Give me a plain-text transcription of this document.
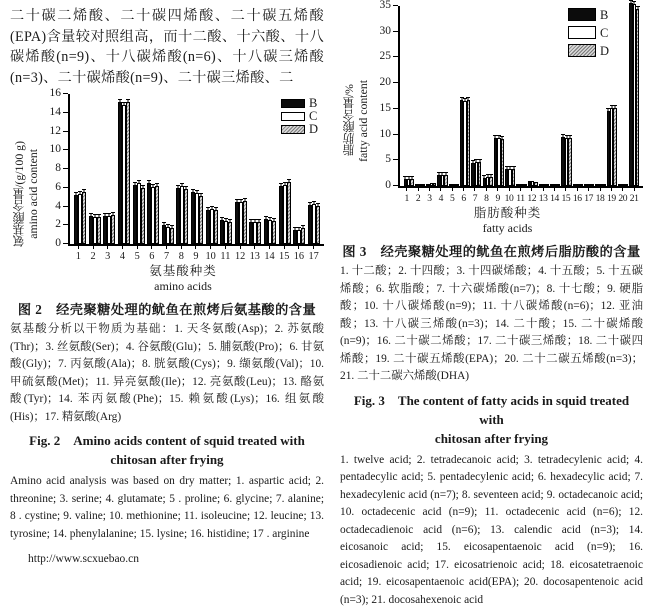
二十碳二烯酸、二十碳四烯酸、二十碳五烯酸(EPA)含量较对照组高，而十二酸、十六酸、十八碳烯酸(n=9)、十八碳烯酸(n=6)、十八碳三烯酸(n=3)、二十碳烯酸(n=9)、二十碳三烯酸、二

氨基酸含量/(g/100 g) amino acid content
B
C
D
0
2
4
6
8
10
12
14
16
1 2 3 4 5 6 7 8 9 10 11 12 13 14 15 16 17
氨基酸种类
amino acids

图 2　经壳聚糖处理的鱿鱼在煎烤后氨基酸的含量

氨基酸分析以干物质为基础：1. 天冬氨酸(Asp)；2. 苏氨酸(Thr)；3. 丝氨酸(Ser)；4. 谷氨酸(Glu)；5. 脯氨酸(Pro)；6. 甘氨酸(Gly)；7. 丙氨酸(Ala)；8. 胱氨酸(Cys)；9. 缬氨酸(Val)；10. 甲硫氨酸(Met)；11. 异亮氨酸(Ile)；12. 亮氨酸(Leu)；13. 酪氨酸(Tyr)；14. 苯丙氨酸(Phe)；15. 赖氨酸(Lys)；16. 组氨酸(His)；17. 精氨酸(Arg)

Fig. 2　Amino acids content of squid treated with
chitosan after frying

Amino acid analysis was based on dry matter; 1. aspartic acid; 2. threonine; 3. serine; 4. glutamate; 5 . proline; 6. glycine; 7. alanine; 8 . cystine; 9. valine; 10. methionine; 11. isoleucine; 12. leucine; 13. tyrosine; 14. phenylalanine; 15. lysine; 16. histidine; 17 . arginine

http://www.scxuebao.cn

脂肪酸含量/% fatty acid content
B
C
D
0
5
10
15
20
25
30
35
1 2 3 4 5 6 7 8 9 10 11 12 13 14 15 16 17 18 19 20 21
脂肪酸种类
fatty acids

图 3　经壳聚糖处理的鱿鱼在煎烤后脂肪酸的含量

1. 十二酸；2. 十四酸；3. 十四碳烯酸；4. 十五酸；5. 十五碳烯酸；6. 软脂酸；7. 十六碳烯酸(n=7)；8. 十七酸；9. 硬脂酸；10. 十八碳烯酸(n=9)；11. 十八碳烯酸(n=6)；12. 亚油酸；13. 十八碳三烯酸(n=3)；14. 二十酸；15. 二十碳烯酸(n=9)；16. 二十碳二烯酸；17. 二十碳三烯酸；18. 二十碳四烯酸；19. 二十碳五烯酸(EPA)；20. 二十二碳五烯酸(n=3)；21. 二十二碳六烯酸(DHA)

Fig. 3　The content of fatty acids in squid treated with
chitosan after frying

1. twelve acid; 2. tetradecanoic acid; 3. tetradecylenic acid; 4. pentadecylic acid; 5. pentadecylenic acid; 6. hexadecylic acid; 7. hexadecylenic acid (n=7); 8. seventeen acid; 9. octadecanoic acid; 10. octadecenic acid (n=9); 11. octadecenic acid (n=6); 12. octadecadienoic acid (n=6); 13. calendic acid (n=3); 14. eicosanoic acid; 15. eicosapentaenoic acid (n=9); 16. eicosadienoic acid; 17. eicosatrienoic acid; 18. eicosatetraenoic acid; 19. eicosapentaenoic acid(EPA); 20. docosapentenoic acid (n=3); 21. docosahexenoic acid
